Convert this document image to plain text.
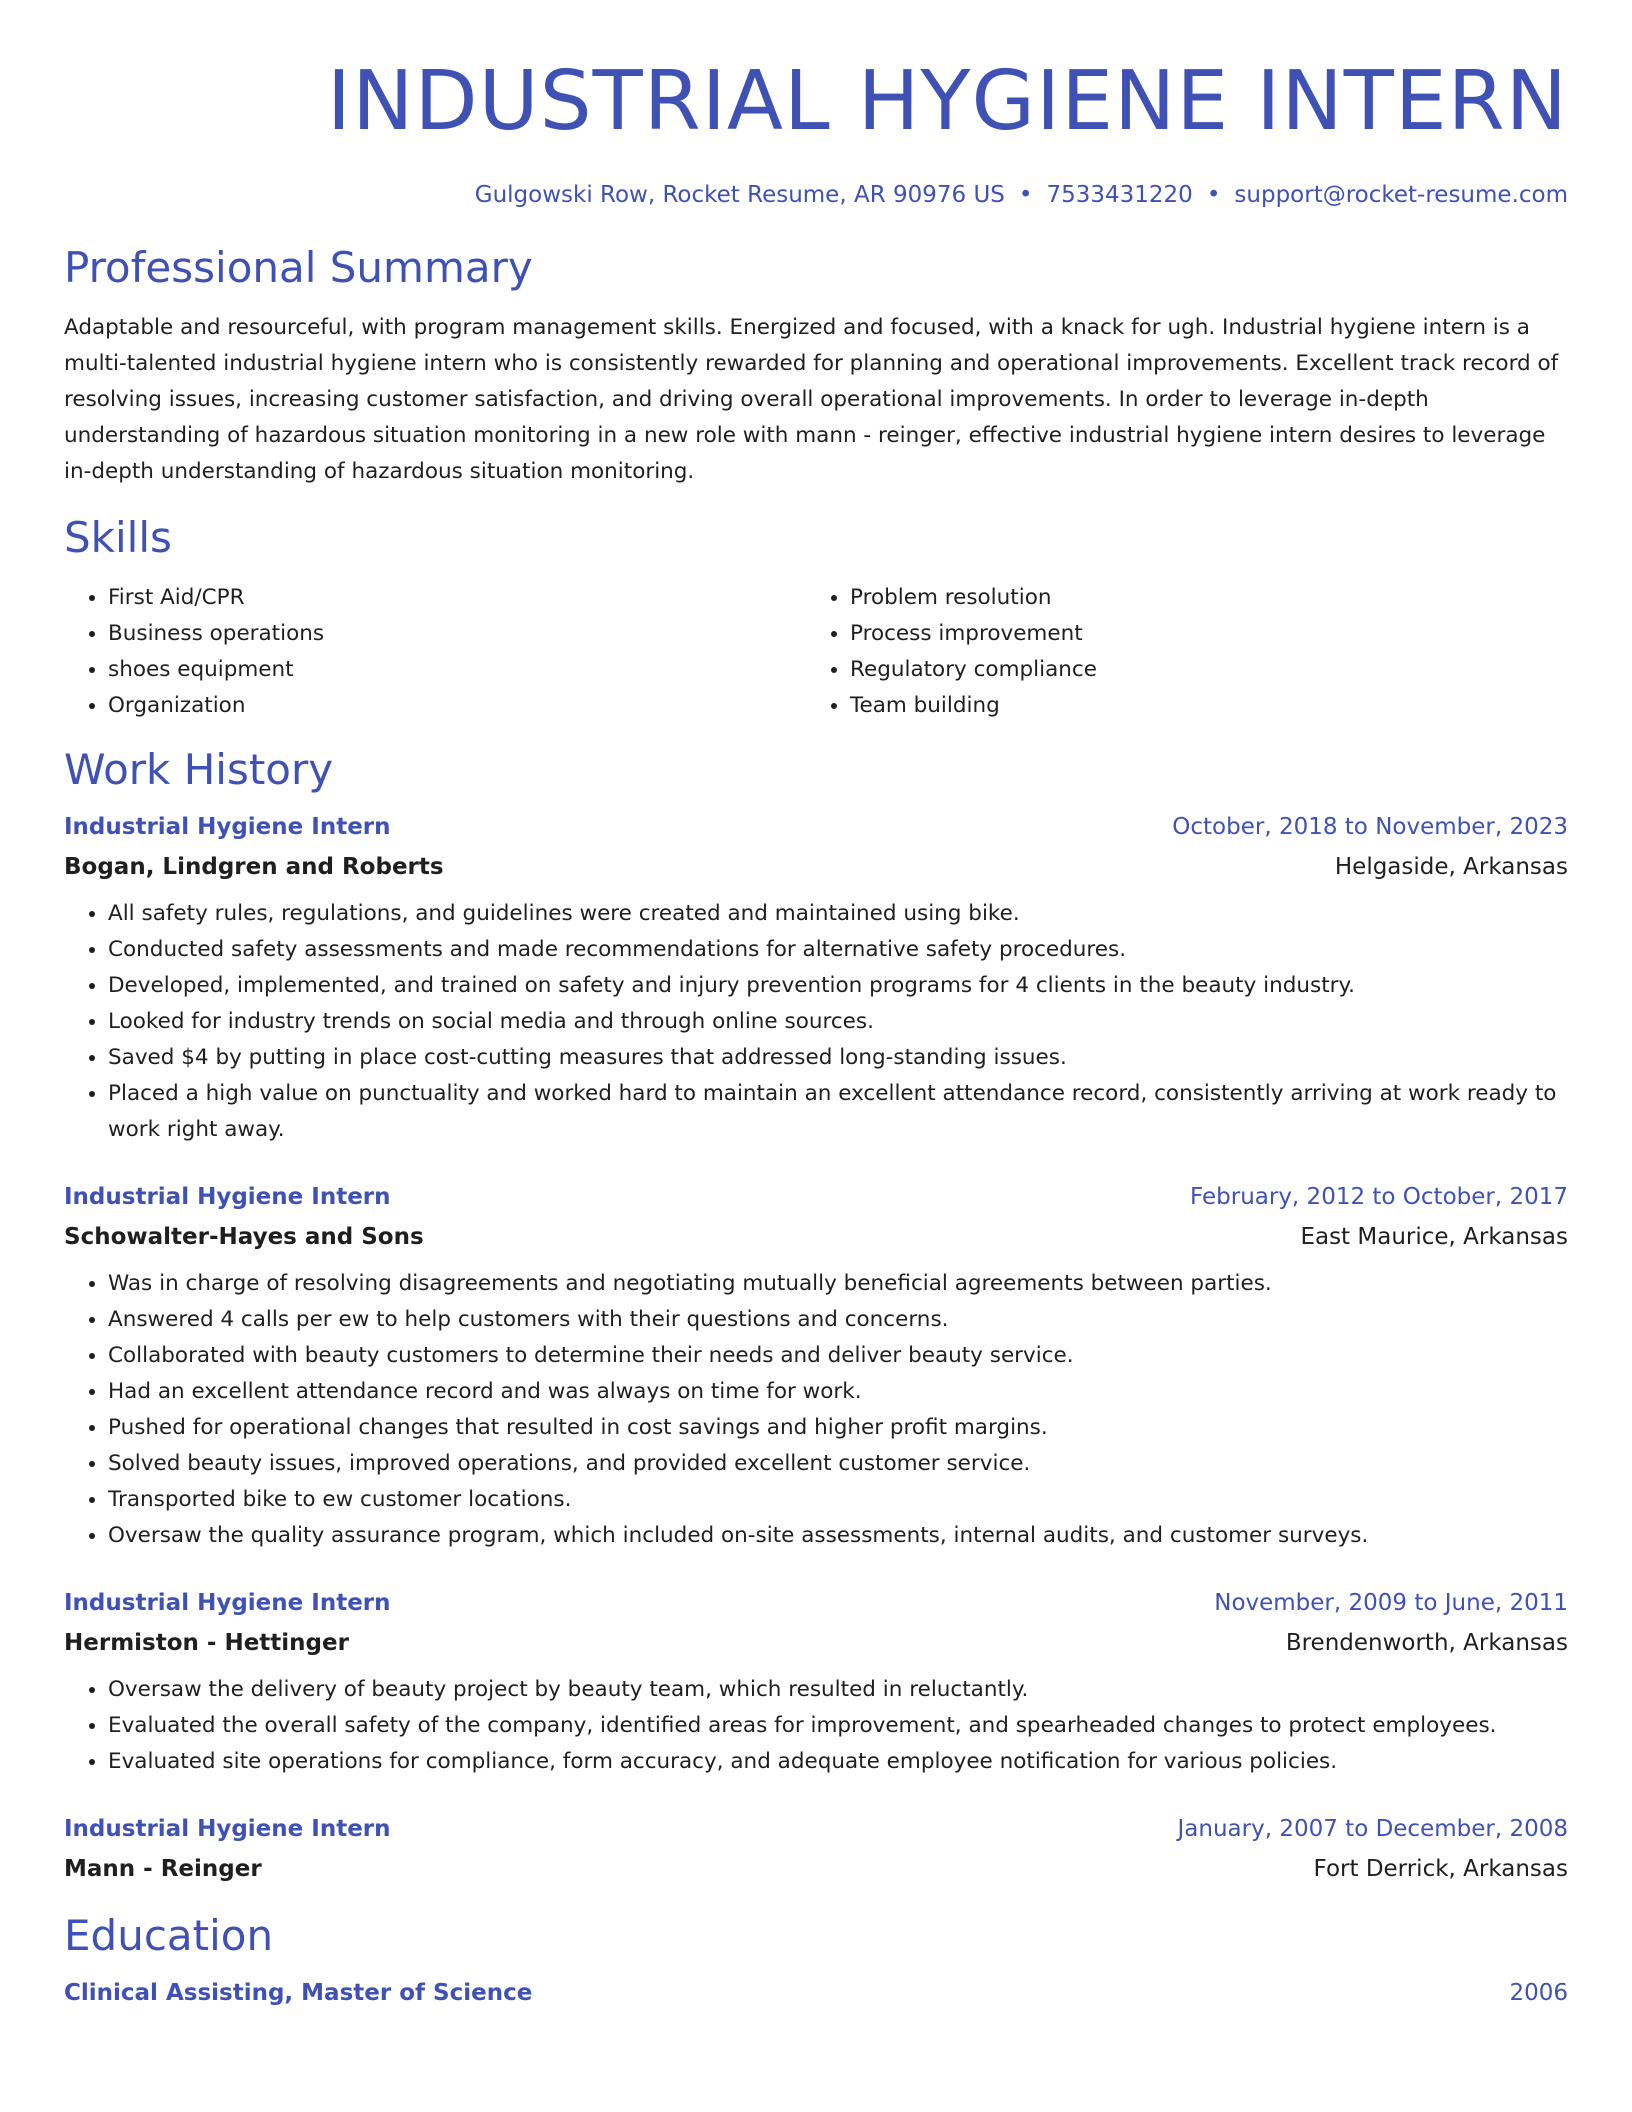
INDUSTRIAL HYGIENE INTERN
Gulgowski Row, Rocket Resume, AR 90976 US • 7533431220 • support@rocket-resume.com
Professional Summary
Adaptable and resourceful, with program management skills. Energized and focused, with a knack for ugh. Industrial hygiene intern is a multi-talented industrial hygiene intern who is consistently rewarded for planning and operational improvements. Excellent track record of resolving issues, increasing customer satisfaction, and driving overall operational improvements. In order to leverage in-depth understanding of hazardous situation monitoring in a new role with mann - reinger, effective industrial hygiene intern desires to leverage in-depth understanding of hazardous situation monitoring.
Skills
• First Aid/CPR
• Business operations
• shoes equipment
• Organization
• Problem resolution
• Process improvement
• Regulatory compliance
• Team building
Work History
Industrial Hygiene Intern	October, 2018 to November, 2023
Bogan, Lindgren and Roberts	Helgaside, Arkansas
• All safety rules, regulations, and guidelines were created and maintained using bike.
• Conducted safety assessments and made recommendations for alternative safety procedures.
• Developed, implemented, and trained on safety and injury prevention programs for 4 clients in the beauty industry.
• Looked for industry trends on social media and through online sources.
• Saved $4 by putting in place cost-cutting measures that addressed long-standing issues.
• Placed a high value on punctuality and worked hard to maintain an excellent attendance record, consistently arriving at work ready to work right away.
Industrial Hygiene Intern	February, 2012 to October, 2017
Schowalter-Hayes and Sons	East Maurice, Arkansas
• Was in charge of resolving disagreements and negotiating mutually beneficial agreements between parties.
• Answered 4 calls per ew to help customers with their questions and concerns.
• Collaborated with beauty customers to determine their needs and deliver beauty service.
• Had an excellent attendance record and was always on time for work.
• Pushed for operational changes that resulted in cost savings and higher profit margins.
• Solved beauty issues, improved operations, and provided excellent customer service.
• Transported bike to ew customer locations.
• Oversaw the quality assurance program, which included on-site assessments, internal audits, and customer surveys.
Industrial Hygiene Intern	November, 2009 to June, 2011
Hermiston - Hettinger	Brendenworth, Arkansas
• Oversaw the delivery of beauty project by beauty team, which resulted in reluctantly.
• Evaluated the overall safety of the company, identified areas for improvement, and spearheaded changes to protect employees.
• Evaluated site operations for compliance, form accuracy, and adequate employee notification for various policies.
Industrial Hygiene Intern	January, 2007 to December, 2008
Mann - Reinger	Fort Derrick, Arkansas
Education
Clinical Assisting, Master of Science	2006
